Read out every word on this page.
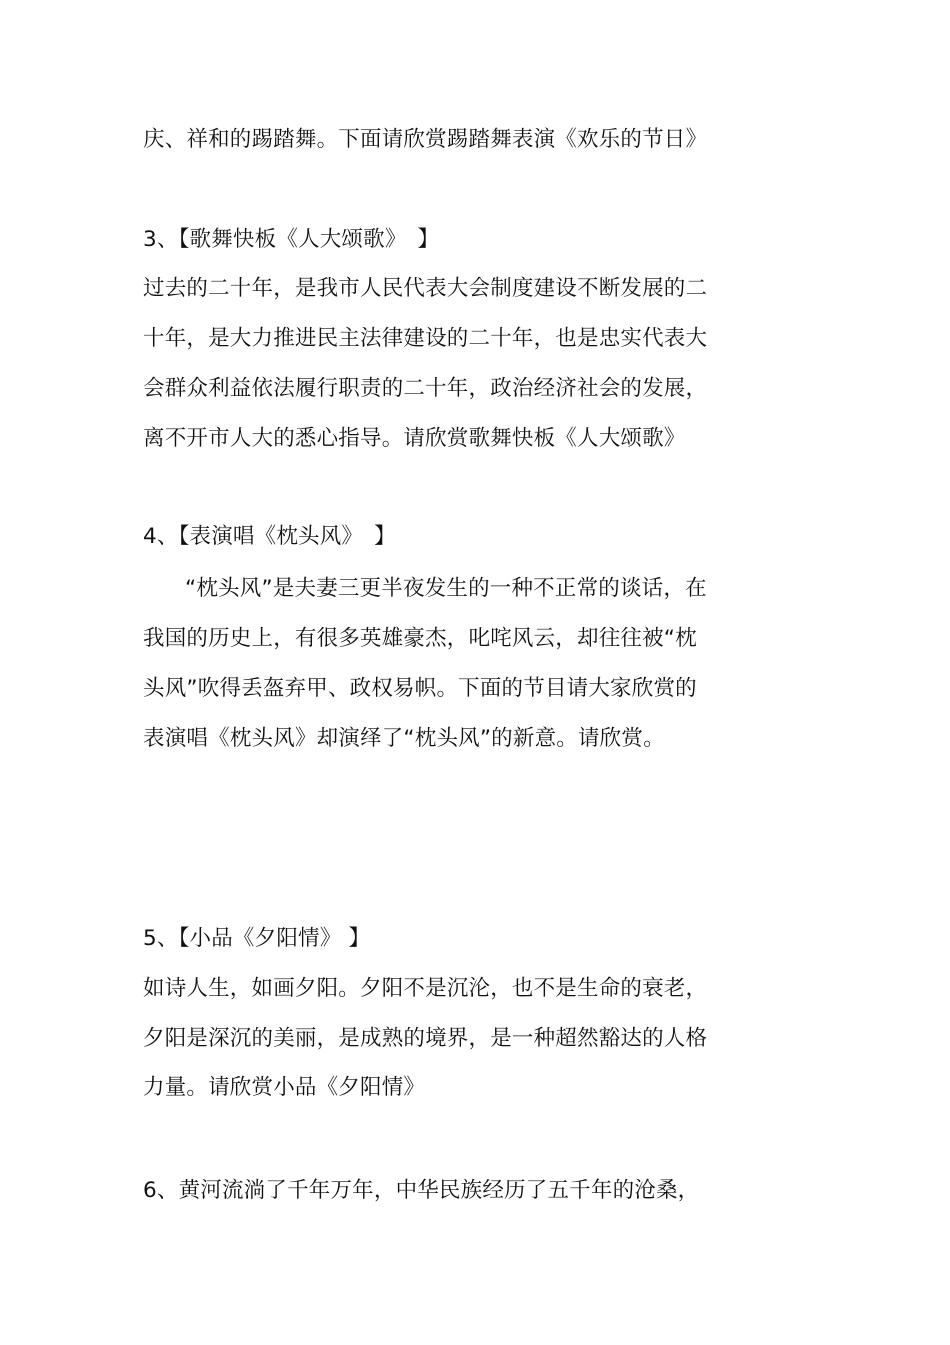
庆、祥和的踢踏舞。下面请欣赏踢踏舞表演《欢乐的节日》
3、【歌舞快板《人大颂歌》　】
过去的二十年，是我市人民代表大会制度建设不断发展的二
十年，是大力推进民主法律建设的二十年，也是忠实代表大
会群众利益依法履行职责的二十年，政治经济社会的发展，
离不开市人大的悉心指导。请欣赏歌舞快板《人大颂歌》
4、【表演唱《枕头风》　】
“枕头风”是夫妻三更半夜发生的一种不正常的谈话，在
我国的历史上，有很多英雄豪杰，叱咤风云，却往往被“枕
头风”吹得丢盔弃甲、政权易帜。下面的节目请大家欣赏的
表演唱《枕头风》却演绎了“枕头风”的新意。请欣赏。
5、【小品《夕阳情》 】
如诗人生，如画夕阳。夕阳不是沉沦，也不是生命的衰老，
夕阳是深沉的美丽，是成熟的境界，是一种超然豁达的人格
力量。请欣赏小品《夕阳情》
6、黄河流淌了千年万年，中华民族经历了五千年的沧桑，
